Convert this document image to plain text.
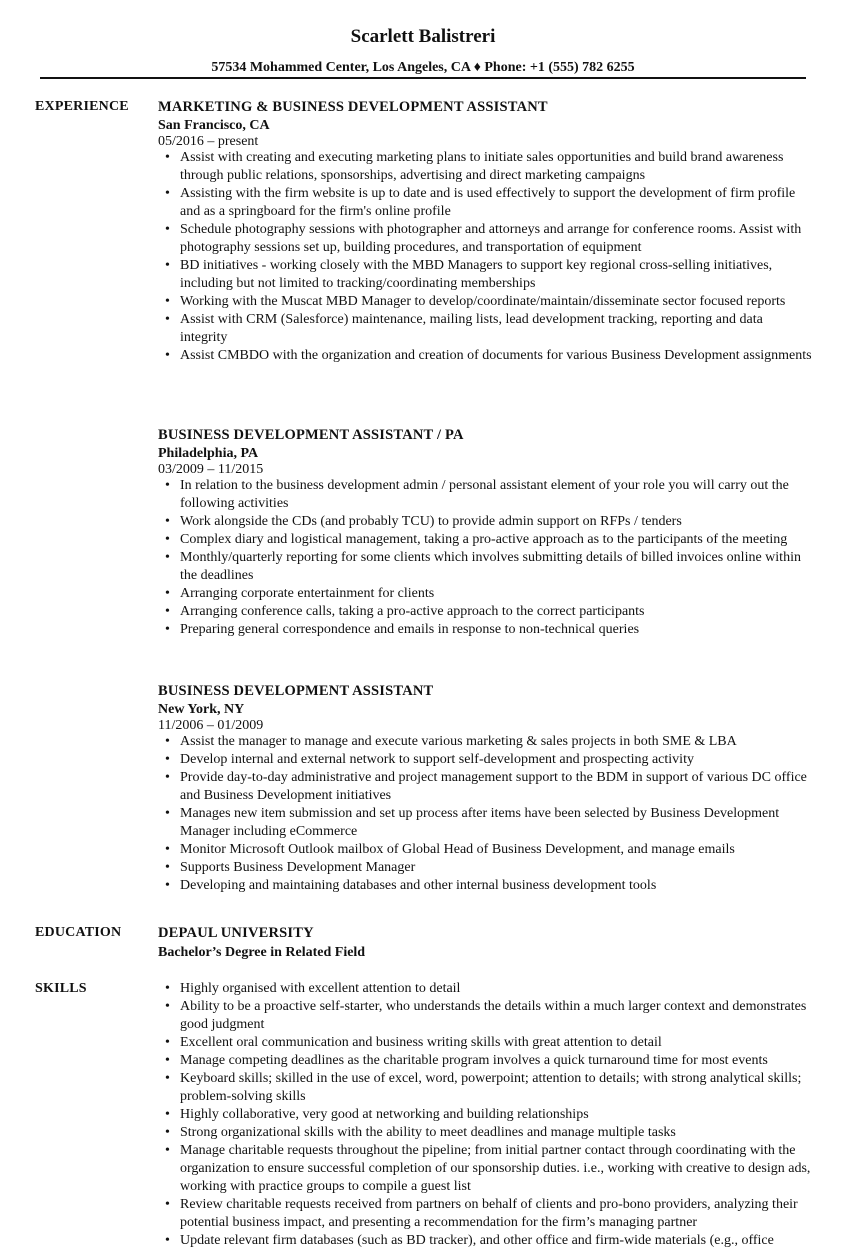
Scarlett Balistreri
57534 Mohammed Center, Los Angeles, CA ♦ Phone: +1 (555) 782 6255
EXPERIENCE MARKETING & BUSINESS DEVELOPMENT ASSISTANT
San Francisco, CA
05/2016 – present
• Assist with creating and executing marketing plans to initiate sales opportunities and build brand awareness through public relations, sponsorships, advertising and direct marketing campaigns
• Assisting with the firm website is up to date and is used effectively to support the development of firm profile and as a springboard for the firm's online profile
• Schedule photography sessions with photographer and attorneys and arrange for conference rooms. Assist with photography sessions set up, building procedures, and transportation of equipment
• BD initiatives - working closely with the MBD Managers to support key regional cross-selling initiatives, including but not limited to tracking/coordinating memberships
• Working with the Muscat MBD Manager to develop/coordinate/maintain/disseminate sector focused reports
• Assist with CRM (Salesforce) maintenance, mailing lists, lead development tracking, reporting and data integrity
• Assist CMBDO with the organization and creation of documents for various Business Development assignments
BUSINESS DEVELOPMENT ASSISTANT / PA
Philadelphia, PA
03/2009 – 11/2015
• In relation to the business development admin / personal assistant element of your role you will carry out the following activities
• Work alongside the CDs (and probably TCU) to provide admin support on RFPs / tenders
• Complex diary and logistical management, taking a pro-active approach as to the participants of the meeting
• Monthly/quarterly reporting for some clients which involves submitting details of billed invoices online within the deadlines
• Arranging corporate entertainment for clients
• Arranging conference calls, taking a pro-active approach to the correct participants
• Preparing general correspondence and emails in response to non-technical queries
BUSINESS DEVELOPMENT ASSISTANT
New York, NY
11/2006 – 01/2009
• Assist the manager to manage and execute various marketing & sales projects in both SME & LBA
• Develop internal and external network to support self-development and prospecting activity
• Provide day-to-day administrative and project management support to the BDM in support of various DC office and Business Development initiatives
• Manages new item submission and set up process after items have been selected by Business Development Manager including eCommerce
• Monitor Microsoft Outlook mailbox of Global Head of Business Development, and manage emails
• Supports Business Development Manager
• Developing and maintaining databases and other internal business development tools
EDUCATION	DEPAUL UNIVERSITY
Bachelor’s Degree in Related Field
SKILLS
•	Highly organised with excellent attention to detail
• Ability to be a proactive self-starter, who understands the details within a much larger context and demonstrates good judgment
• Excellent oral communication and business writing skills with great attention to detail
• Manage competing deadlines as the charitable program involves a quick turnaround time for most events
• Keyboard skills; skilled in the use of excel, word, powerpoint; attention to details; with strong analytical skills; problem-solving skills
• Highly collaborative, very good at networking and building relationships
• Strong organizational skills with the ability to meet deadlines and manage multiple tasks
• Manage charitable requests throughout the pipeline; from initial partner contact through coordinating with the organization to ensure successful completion of our sponsorship duties. i.e., working with creative to design ads, working with practice groups to compile a guest list
• Review charitable requests received from partners on behalf of clients and pro-bono providers, analyzing their potential business impact, and presenting a recommendation for the firm’s managing partner
• Update relevant firm databases (such as BD tracker), and other office and firm-wide materials (e.g., office
